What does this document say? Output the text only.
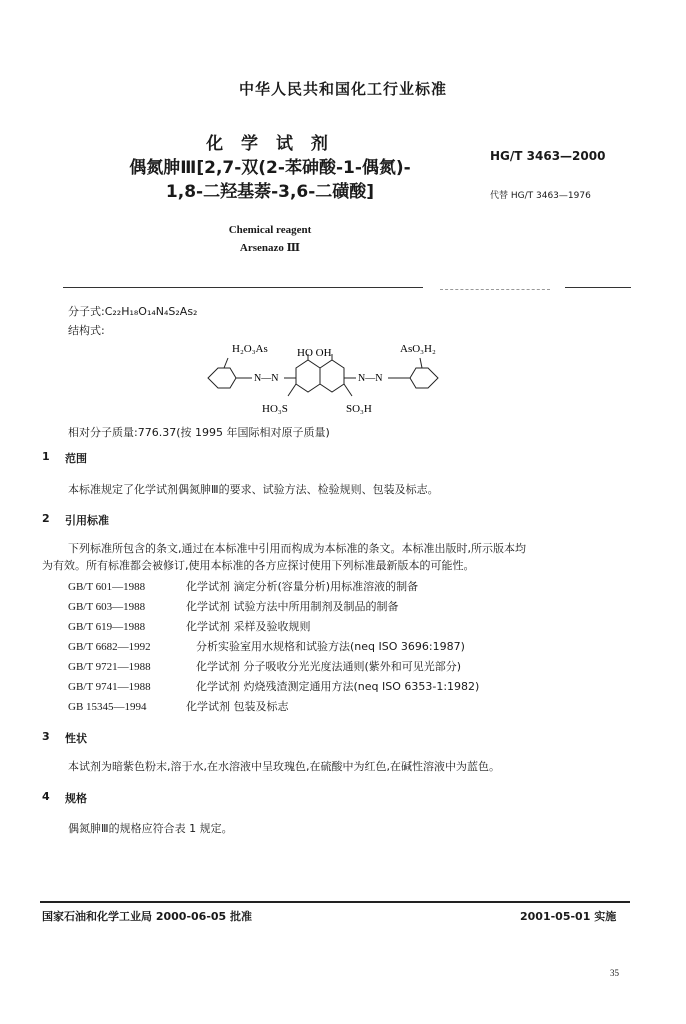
中华人民共和国化工行业标准
化 学 试 剂
偶氮胂Ⅲ[2,7-双(2-苯砷酸-1-偶氮)-
1,8-二羟基萘-3,6-二磺酸]
HG/T 3463—2000
代替 HG/T 3463—1976
Chemical reagent
Arsenazo Ⅲ
分子式:C₂₂H₁₈O₁₄N₄S₂As₂
结构式:
H₂O₃As	AsO₃H₂
HO OH
N—N	N—N
HO₃S	SO₃H
相对分子质量:776.37(按 1995 年国际相对原子质量)
1 范围
本标准规定了化学试剂偶氮胂Ⅲ的要求、试验方法、检验规则、包装及标志。
2 引用标准
下列标准所包含的条文,通过在本标准中引用而构成为本标准的条文。本标准出版时,所示版本均
为有效。所有标准都会被修订,使用本标准的各方应探讨使用下列标准最新版本的可能性。
GB/T 601—1988	化学试剂 滴定分析(容量分析)用标准溶液的制备
GB/T 603—1988	化学试剂 试验方法中所用制剂及制品的制备
GB/T 619—1988	化学试剂 采样及验收规则
GB/T 6682—1992	分析实验室用水规格和试验方法(neq ISO 3696:1987)
GB/T 9721—1988	化学试剂 分子吸收分光光度法通则(紫外和可见光部分)
GB/T 9741—1988	化学试剂 灼烧残渣测定通用方法(neq ISO 6353-1:1982)
GB 15345—1994	化学试剂 包装及标志
3 性状
本试剂为暗紫色粉末,溶于水,在水溶液中呈玫瑰色,在硫酸中为红色,在碱性溶液中为蓝色。
4 规格
偶氮胂Ⅲ的规格应符合表 1 规定。
国家石油和化学工业局 2000-06-05 批准	2001-05-01 实施
35
